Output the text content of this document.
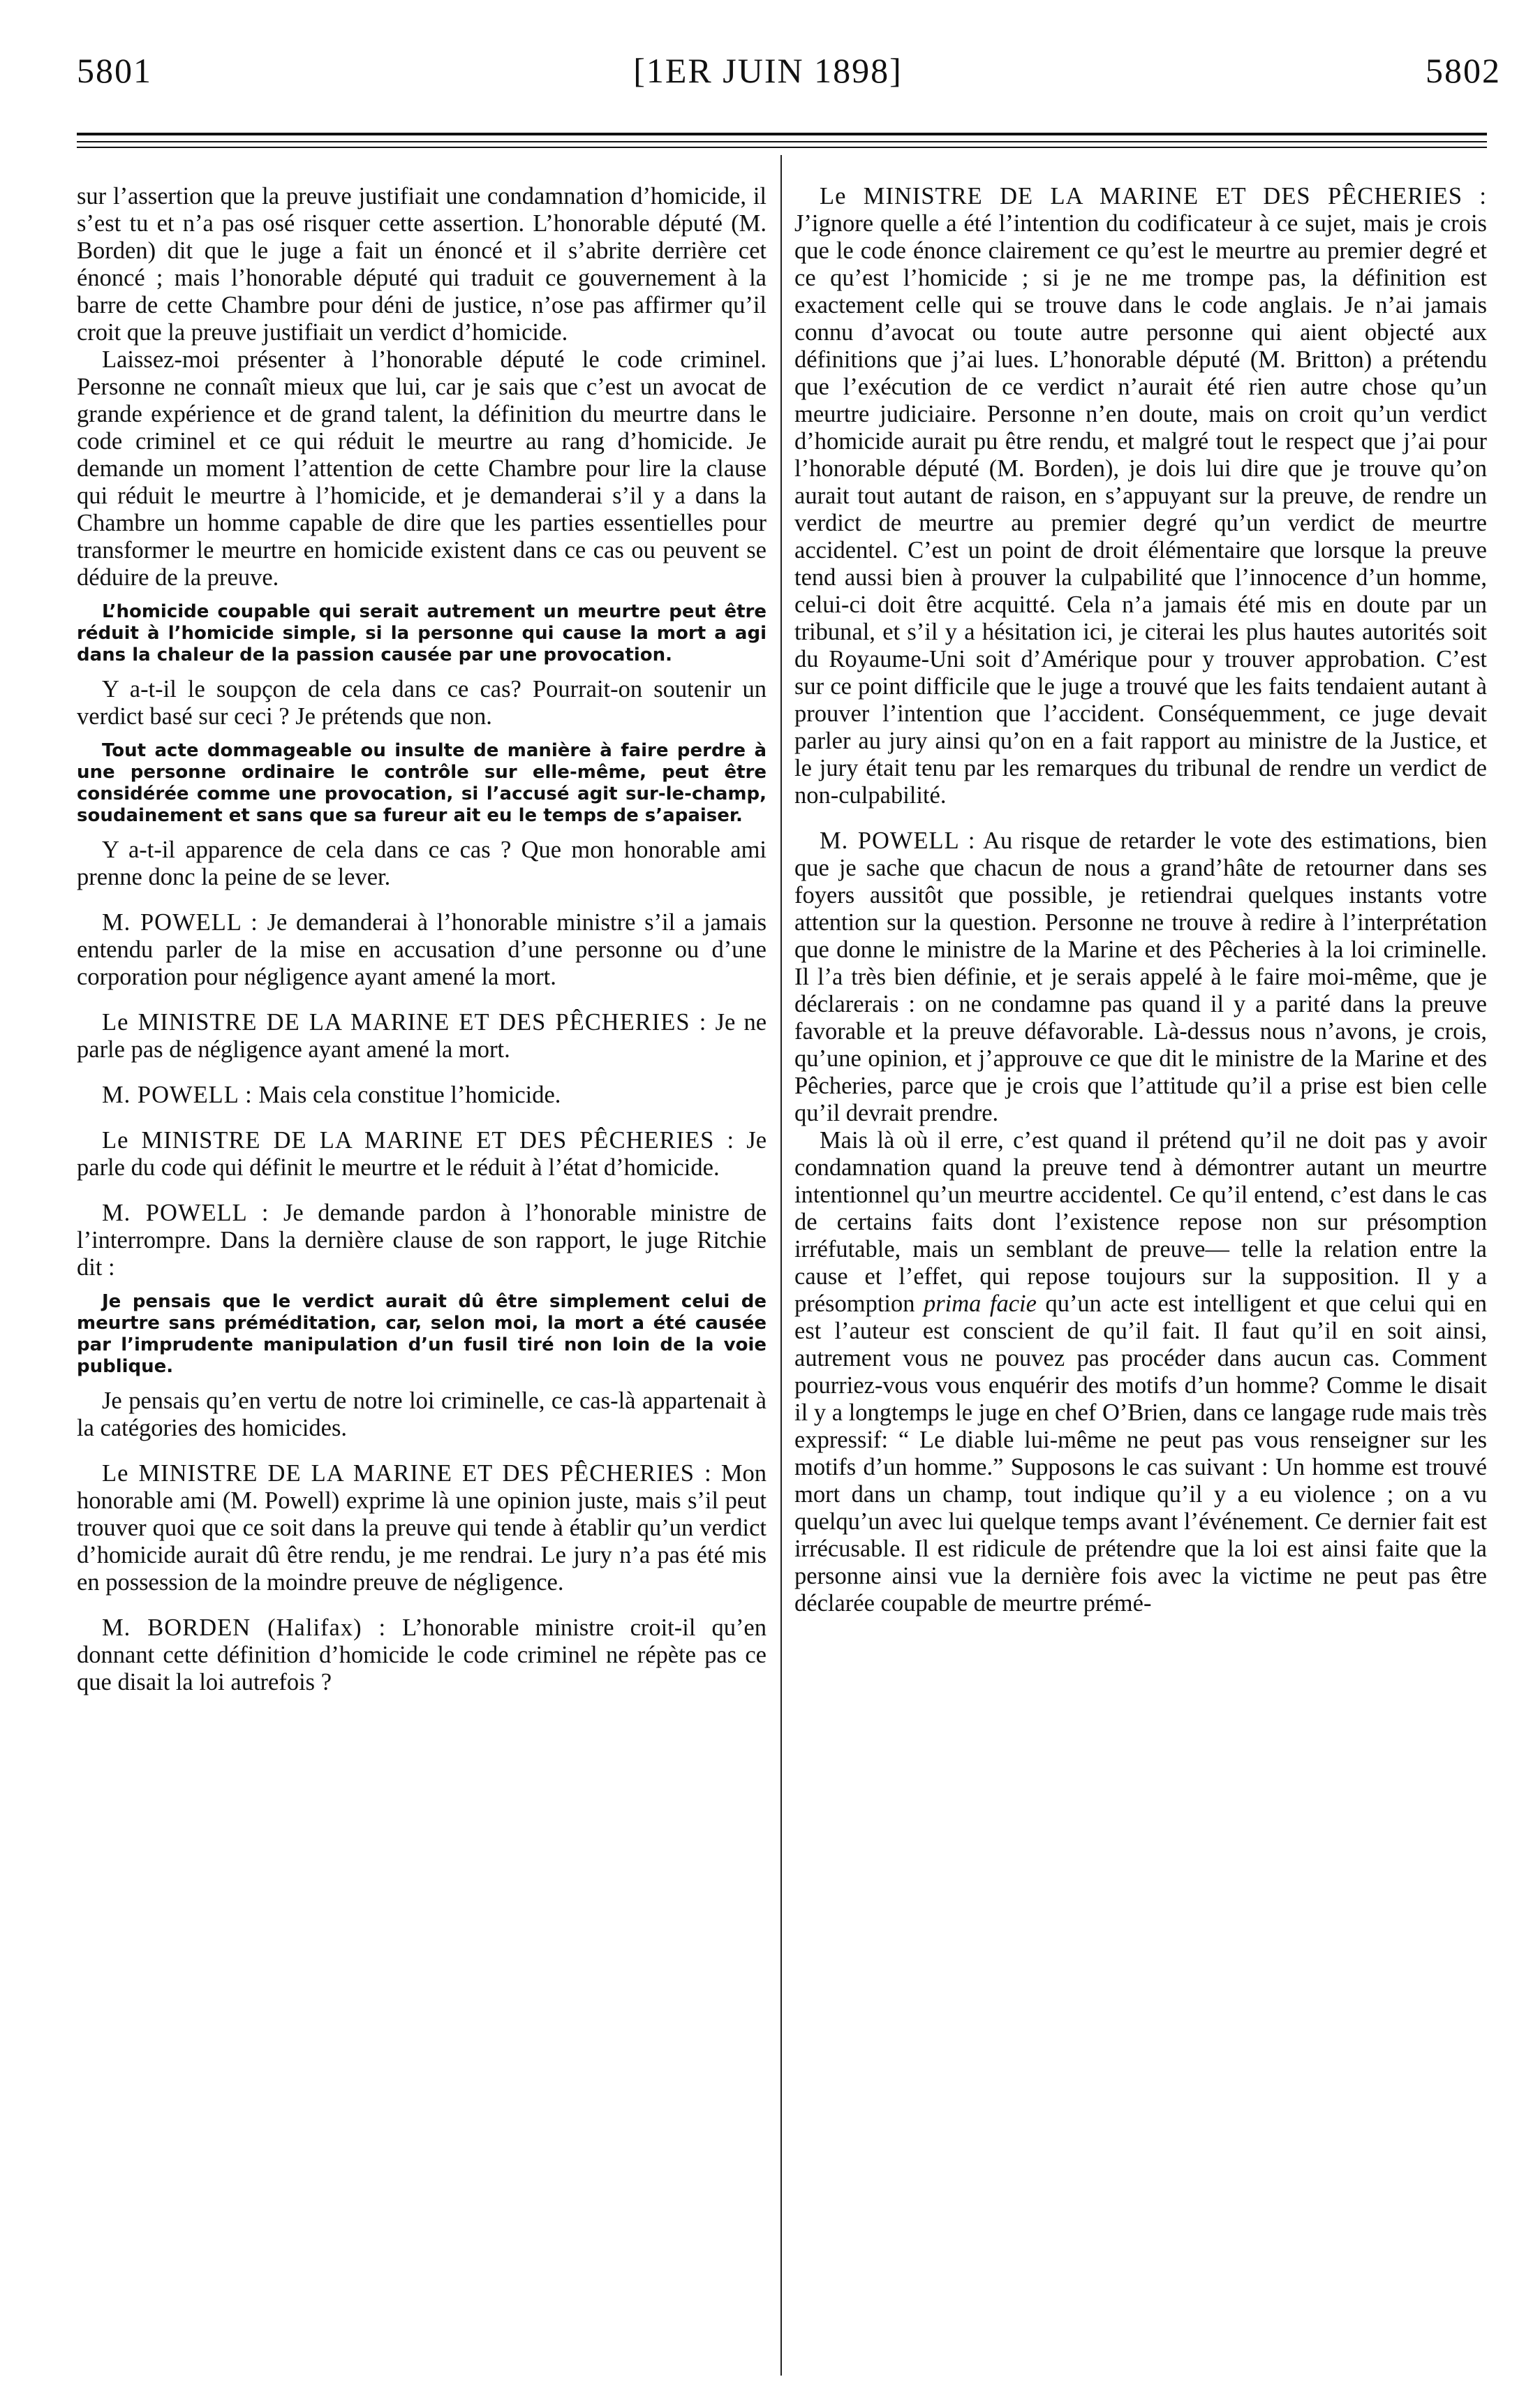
5801	[1ER JUIN 1898]	5802

sur l’assertion que la preuve justifiait une condamnation d’homicide, il s’est tu et n’a pas osé risquer cette assertion. L’honorable député (M. Borden) dit que le juge a fait un énoncé et il s’abrite derrière cet énoncé ; mais l’honorable député qui traduit ce gouvernement à la barre de cette Chambre pour déni de justice, n’ose pas affirmer qu’il croit que la preuve justifiait un verdict d’homicide.

Laissez-moi présenter à l’honorable député le code criminel. Personne ne connaît mieux que lui, car je sais que c’est un avocat de grande expérience et de grand talent, la définition du meurtre dans le code criminel et ce qui réduit le meurtre au rang d’homicide. Je demande un moment l’attention de cette Chambre pour lire la clause qui réduit le meurtre à l’homicide, et je demanderai s’il y a dans la Chambre un homme capable de dire que les parties essentielles pour transformer le meurtre en homicide existent dans ce cas ou peuvent se déduire de la preuve.

L’homicide coupable qui serait autrement un meurtre peut être réduit à l’homicide simple, si la personne qui cause la mort a agi dans la chaleur de la passion causée par une provocation.

Y a-t-il le soupçon de cela dans ce cas? Pourrait-on soutenir un verdict basé sur ceci ? Je prétends que non.

Tout acte dommageable ou insulte de manière à faire perdre à une personne ordinaire le contrôle sur elle-même, peut être considérée comme une provocation, si l’accusé agit sur-le-champ, soudainement et sans que sa fureur ait eu le temps de s’apaiser.

Y a-t-il apparence de cela dans ce cas ? Que mon honorable ami prenne donc la peine de se lever.

M. POWELL : Je demanderai à l’honorable ministre s’il a jamais entendu parler de la mise en accusation d’une personne ou d’une corporation pour négligence ayant amené la mort.

Le MINISTRE DE LA MARINE ET DES PÊCHERIES : Je ne parle pas de négligence ayant amené la mort.

M. POWELL : Mais cela constitue l’homicide.

Le MINISTRE DE LA MARINE ET DES PÊCHERIES : Je parle du code qui définit le meurtre et le réduit à l’état d’homicide.

M. POWELL : Je demande pardon à l’honorable ministre de l’interrompre. Dans la dernière clause de son rapport, le juge Ritchie dit :

Je pensais que le verdict aurait dû être simplement celui de meurtre sans préméditation, car, selon moi, la mort a été causée par l’imprudente manipulation d’un fusil tiré non loin de la voie publique.

Je pensais qu’en vertu de notre loi criminelle, ce cas-là appartenait à la catégories des homicides.

Le MINISTRE DE LA MARINE ET DES PÊCHERIES : Mon honorable ami (M. Powell) exprime là une opinion juste, mais s’il peut trouver quoi que ce soit dans la preuve qui tende à établir qu’un verdict d’homicide aurait dû être rendu, je me rendrai. Le jury n’a pas été mis en possession de la moindre preuve de négligence.

M. BORDEN (Halifax) : L’honorable ministre croit-il qu’en donnant cette définition d’homicide le code criminel ne répète pas ce que disait la loi autrefois ?

Le MINISTRE DE LA MARINE ET DES PÊCHERIES : J’ignore quelle a été l’intention du codificateur à ce sujet, mais je crois que le code énonce clairement ce qu’est le meurtre au premier degré et ce qu’est l’homicide ; si je ne me trompe pas, la définition est exactement celle qui se trouve dans le code anglais. Je n’ai jamais connu d’avocat ou toute autre personne qui aient objecté aux définitions que j’ai lues. L’honorable député (M. Britton) a prétendu que l’exécution de ce verdict n’aurait été rien autre chose qu’un meurtre judiciaire. Personne n’en doute, mais on croit qu’un verdict d’homicide aurait pu être rendu, et malgré tout le respect que j’ai pour l’honorable député (M. Borden), je dois lui dire que je trouve qu’on aurait tout autant de raison, en s’appuyant sur la preuve, de rendre un verdict de meurtre au premier degré qu’un verdict de meurtre accidentel. C’est un point de droit élémentaire que lorsque la preuve tend aussi bien à prouver la culpabilité que l’innocence d’un homme, celui-ci doit être acquitté. Cela n’a jamais été mis en doute par un tribunal, et s’il y a hésitation ici, je citerai les plus hautes autorités soit du Royaume-Uni soit d’Amérique pour y trouver approbation. C’est sur ce point difficile que le juge a trouvé que les faits tendaient autant à prouver l’intention que l’accident. Conséquemment, ce juge devait parler au jury ainsi qu’on en a fait rapport au ministre de la Justice, et le jury était tenu par les remarques du tribunal de rendre un verdict de non-culpabilité.

M. POWELL : Au risque de retarder le vote des estimations, bien que je sache que chacun de nous a grand’hâte de retourner dans ses foyers aussitôt que possible, je retiendrai quelques instants votre attention sur la question. Personne ne trouve à redire à l’interprétation que donne le ministre de la Marine et des Pêcheries à la loi criminelle. Il l’a très bien définie, et je serais appelé à le faire moi-même, que je déclarerais : on ne condamne pas quand il y a parité dans la preuve favorable et la preuve défavorable. Là-dessus nous n’avons, je crois, qu’une opinion, et j’approuve ce que dit le ministre de la Marine et des Pêcheries, parce que je crois que l’attitude qu’il a prise est bien celle qu’il devrait prendre.

Mais là où il erre, c’est quand il prétend qu’il ne doit pas y avoir condamnation quand la preuve tend à démontrer autant un meurtre intentionnel qu’un meurtre accidentel. Ce qu’il entend, c’est dans le cas de certains faits dont l’existence repose non sur présomption irréfutable, mais un semblant de preuve— telle la relation entre la cause et l’effet, qui repose toujours sur la supposition. Il y a présomption prima facie qu’un acte est intelligent et que celui qui en est l’auteur est conscient de qu’il fait. Il faut qu’il en soit ainsi, autrement vous ne pouvez pas procéder dans aucun cas. Comment pourriez-vous vous enquérir des motifs d’un homme? Comme le disait il y a longtemps le juge en chef O’Brien, dans ce langage rude mais très expressif: “ Le diable lui-même ne peut pas vous renseigner sur les motifs d’un homme.” Supposons le cas suivant : Un homme est trouvé mort dans un champ, tout indique qu’il y a eu violence ; on a vu quelqu’un avec lui quelque temps avant l’événement. Ce dernier fait est irrécusable. Il est ridicule de prétendre que la loi est ainsi faite que la personne ainsi vue la dernière fois avec la victime ne peut pas être déclarée coupable de meurtre prémé-
